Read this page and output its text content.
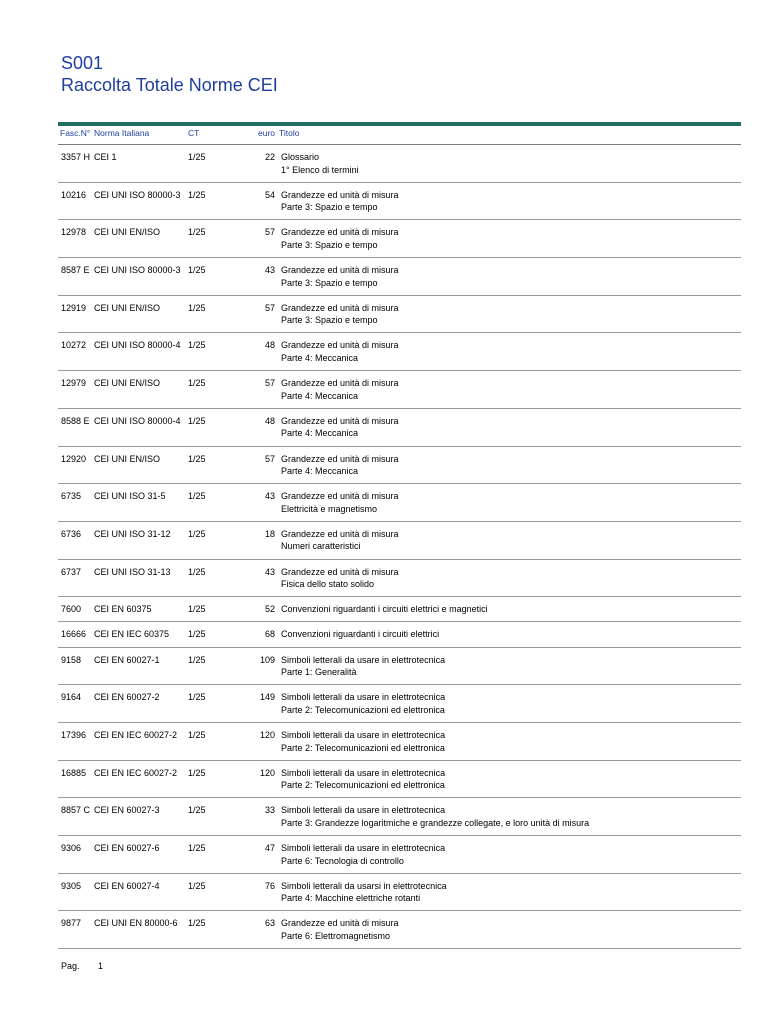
S001
Raccolta Totale Norme CEI
Fasc.N° Norma Italiana	CT	euro Titolo
3357 H CEI 1	1/25	22 Glossario
1° Elenco di termini
10216 CEI UNI ISO 80000-3 1/25	54 Grandezze ed unità di misura
Parte 3: Spazio e tempo
12978 CEI UNI EN/ISO	1/25	57 Grandezze ed unità di misura
Parte 3: Spazio e tempo
8587 E CEI UNI ISO 80000-3 1/25	43 Grandezze ed unità di misura
Parte 3: Spazio e tempo
12919 CEI UNI EN/ISO	1/25	57 Grandezze ed unità di misura
Parte 3: Spazio e tempo
10272 CEI UNI ISO 80000-4 1/25	48 Grandezze ed unità di misura
Parte 4: Meccanica
12979 CEI UNI EN/ISO	1/25	57 Grandezze ed unità di misura
Parte 4: Meccanica
8588 E CEI UNI ISO 80000-4 1/25	48 Grandezze ed unità di misura
Parte 4: Meccanica
12920 CEI UNI EN/ISO	1/25	57 Grandezze ed unità di misura
Parte 4: Meccanica
6735 CEI UNI ISO 31-5 1/25	43 Grandezze ed unità di misura
Elettricità e magnetismo
6736 CEI UNI ISO 31-12 1/25	18 Grandezze ed unità di misura
Numeri caratteristici
6737 CEI UNI ISO 31-13 1/25	43 Grandezze ed unità di misura
Fisica dello stato solido
7600 CEI EN 60375	1/25	52 Convenzioni riguardanti i circuiti elettrici e magnetici
16666 CEI EN IEC 60375 1/25	68 Convenzioni riguardanti i circuiti elettrici
9158 CEI EN 60027-1	1/25	109 Simboli letterali da usare in elettrotecnica
Parte 1: Generalità
9164 CEI EN 60027-2	1/25	149 Simboli letterali da usare in elettrotecnica
Parte 2: Telecomunicazioni ed elettronica
17396 CEI EN IEC 60027-2 1/25	120 Simboli letterali da usare in elettrotecnica
Parte 2: Telecomunicazioni ed elettronica
16885 CEI EN IEC 60027-2 1/25	120 Simboli letterali da usare in elettrotecnica
Parte 2: Telecomunicazioni ed elettronica
8857 C CEI EN 60027-3	1/25	33 Simboli letterali da usare in elettrotecnica
Parte 3: Grandezze logaritmiche e grandezze collegate, e loro unità di misura
9306 CEI EN 60027-6	1/25	47 Simboli letterali da usare in elettrotecnica
Parte 6: Tecnologia di controllo
9305 CEI EN 60027-4	1/25	76 Simboli letterali da usarsi in elettrotecnica
Parte 4: Macchine elettriche rotanti
9877 CEI UNI EN 80000-6 1/25	63 Grandezze ed unità di misura
Parte 6: Elettromagnetismo
Pag. 1
